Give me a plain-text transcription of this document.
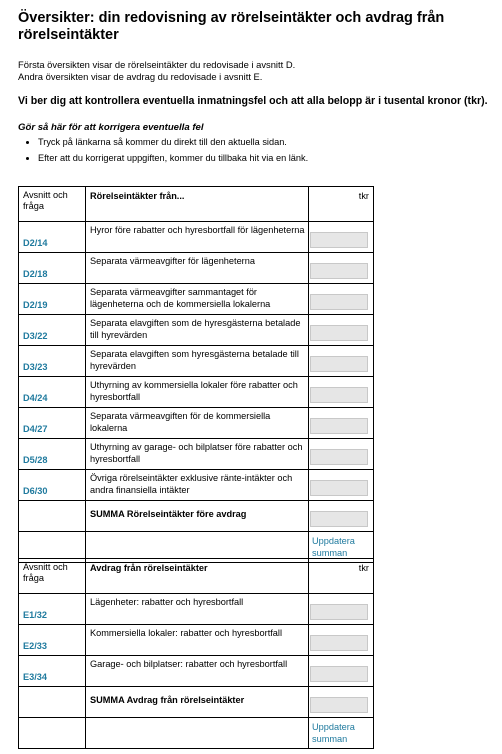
Översikter: din redovisning av rörelseintäkter och avdrag från rörelseintäkter
Första översikten visar de rörelseintäkter du redovisade i avsnitt D.
Andra översikten visar de avdrag du redovisade i avsnitt E.
Vi ber dig att kontrollera eventuella inmatningsfel och att alla belopp är i tusental kronor (tkr).
Gör så här för att korrigera eventuella fel
• Tryck på länkarna så kommer du direkt till den aktuella sidan.
• Efter att du korrigerat uppgiften, kommer du tillbaka hit via en länk.
Avsnitt och fråga	Rörelseintäkter från...	tkr

D2/14	Hyror före rabatter och hyresbortfall för lägenheterna	

D2/18	Separata värmeavgifter för lägenheterna	

D2/19	Separata värmeavgifter sammantaget för lägenheterna och de kommersiella lokalerna	

D3/22	Separata elavgiften som de hyresgästerna betalade till hyrevärden	

D3/23	Separata elavgiften som hyresgästerna betalade till hyrevärden	

D4/24	Uthyrning av kommersiella lokaler före rabatter och hyresbortfall	

D4/27	Separata värmeavgiften för de kommersiella lokalerna	

D5/28	Uthyrning av garage- och bilplatser före rabatter och hyresbortfall	

D6/30	Övriga rörelseintäkter exklusive ränte-intäkter och andra finansiella intäkter	

	SUMMA Rörelseintäkter före avdrag	

		Uppdatera summan
Avsnitt och fråga	Avdrag från rörelseintäkter	tkr

E1/32	Lägenheter: rabatter och hyresbortfall	

E2/33	Kommersiella lokaler: rabatter och hyresbortfall	

E3/34	Garage- och bilplatser: rabatter och hyresbortfall	

	SUMMA Avdrag från rörelseintäkter	

		Uppdatera summan
